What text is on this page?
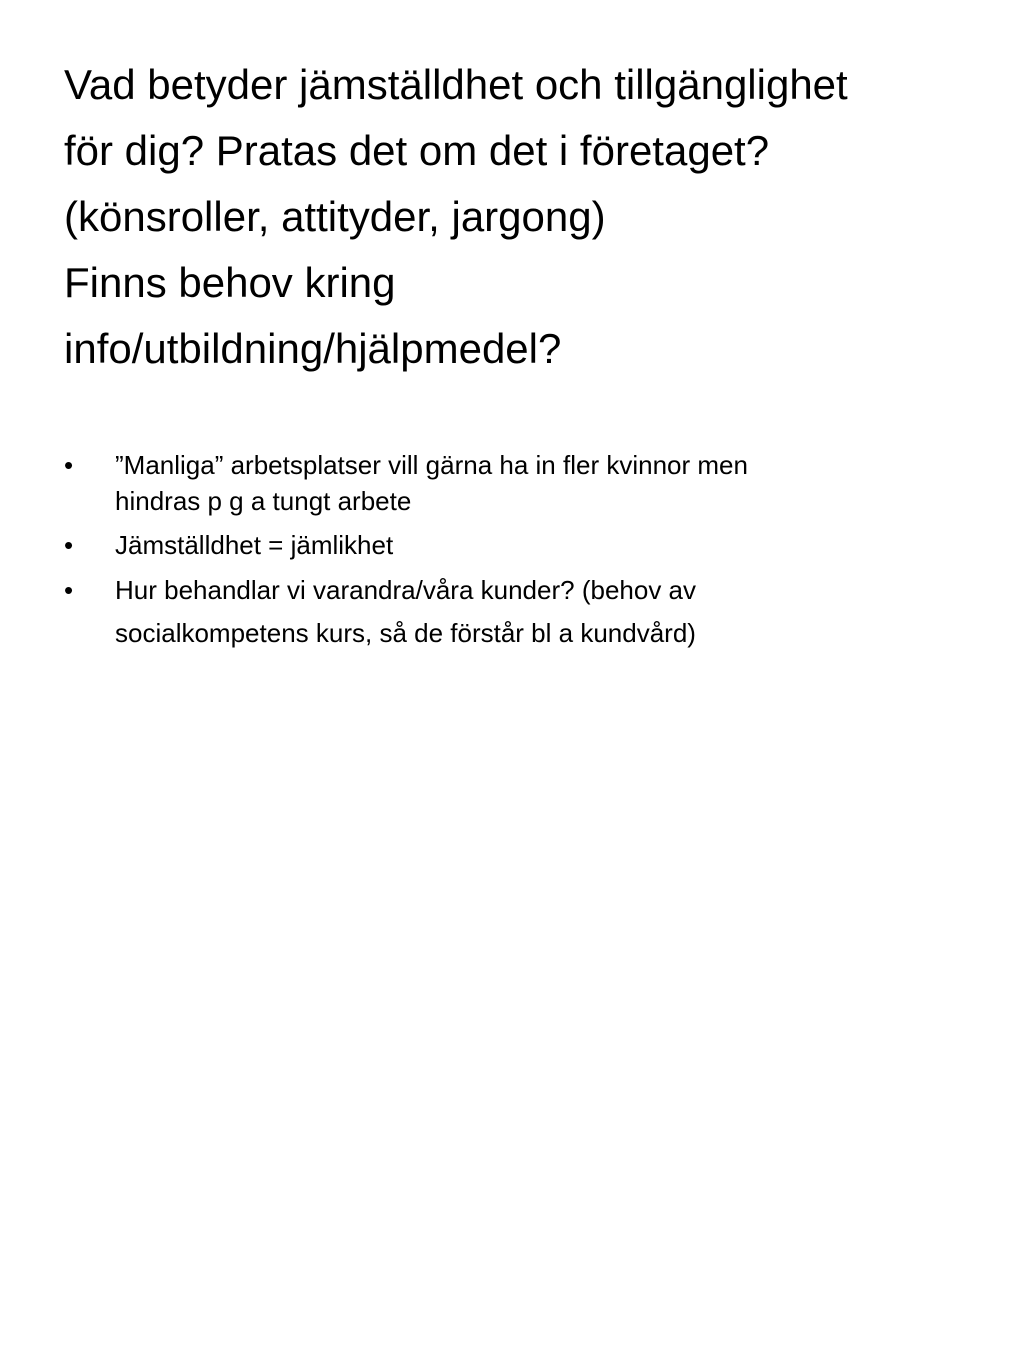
Vad betyder jämställdhet och tillgänglighet
för dig? Pratas det om det i företaget?
(könsroller, attityder, jargong)
Finns behov kring
info/utbildning/hjälpmedel?
• ”Manliga” arbetsplatser vill gärna ha in fler kvinnor men
hindras p g a tungt arbete
• Jämställdhet = jämlikhet
• Hur behandlar vi varandra/våra kunder? (behov av
socialkompetens kurs, så de förstår bl a kundvård)
